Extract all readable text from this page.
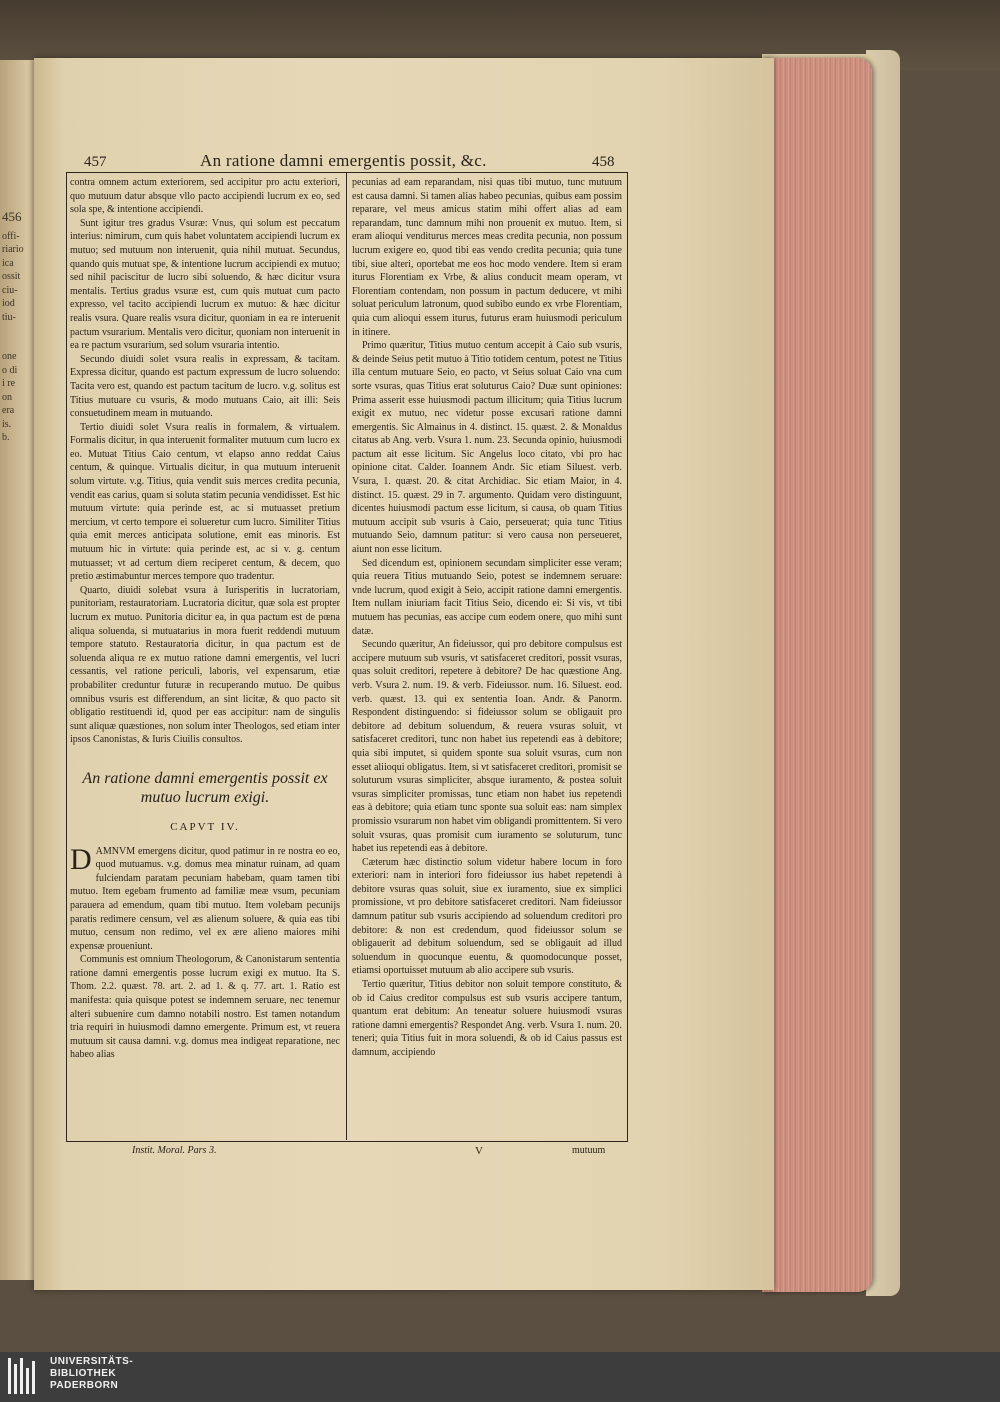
456
offi-
riario
ica
ossit
ciu-
iod
tiu-
one
o di
i re
on
era
is.
b.
457	An ratione damni emergentis possit, &c.	458

contra omnem actum exteriorem, sed accipitur pro actu exteriori, quo mutuum datur absque vllo pacto accipiendi lucrum ex eo, sed sola spe, & intentione accipiendi.

Sunt igitur tres gradus Vsuræ: Vnus, qui solum est peccatum interius: nimirum, cum quis habet voluntatem accipiendi lucrum ex mutuo; sed mutuum non interuenit, quia nihil mutuat. Secundus, quando quis mutuat spe, & intentione lucrum accipiendi ex mutuo; sed nihil paciscitur de lucro sibi soluendo, & hæc dicitur vsura mentalis. Tertius gradus vsuræ est, cum quis mutuat cum pacto expresso, vel tacito accipiendi lucrum ex mutuo: & hæc dicitur realis vsura. Quare realis vsura dicitur, quoniam in ea re interuenit pactum vsurarium. Mentalis vero dicitur, quoniam non interuenit in ea re pactum vsurarium, sed solum vsuraria intentio.

Secundo diuidi solet vsura realis in expressam, & tacitam. Expressa dicitur, quando est pactum expressum de lucro soluendo: Tacita vero est, quando est pactum tacitum de lucro. v.g. solitus est Titius mutuare cu vsuris, & modo mutuans Caio, ait illi: Seis consuetudinem meam in mutuando.

Tertio diuidi solet Vsura realis in formalem, & virtualem. Formalis dicitur, in qua interuenit formaliter mutuum cum lucro ex eo. Mutuat Titius Caio centum, vt elapso anno reddat Caius centum, & quinque. Virtualis dicitur, in qua mutuum interuenit solum virtute. v.g. Titius, quia vendit suis merces credita pecunia, vendit eas carius, quam si soluta statim pecunia vendidisset. Est hic mutuum virtute: quia perinde est, ac si mutuasset pretium mercium, vt certo tempore ei solueretur cum lucro. Similiter Titius quia emit merces anticipata solutione, emit eas minoris. Est mutuum hic in virtute: quia perinde est, ac si v. g. centum mutuasset; vt ad certum diem reciperet centum, & decem, quo pretio æstimabuntur merces tempore quo tradentur.

Quarto, diuidi solebat vsura à Iurisperitis in lucratoriam, punitoriam, restauratoriam. Lucratoria dicitur, quæ sola est propter lucrum ex mutuo. Punitoria dicitur ea, in qua pactum est de pœna aliqua soluenda, si mutuatarius in mora fuerit reddendi mutuum tempore statuto. Restauratoria dicitur, in qua pactum est de soluenda aliqua re ex mutuo ratione damni emergentis, vel lucri cessantis, vel ratione periculi, laboris, vel expensarum, etiæ probabiliter creduntur futuræ in recuperando mutuo. De quibus omnibus vsuris est differendum, an sint licitæ, & quo pacto sit obligatio restituendi id, quod per eas accipitur: nam de singulis sunt aliquæ quæstiones, non solum inter Theologos, sed etiam inter ipsos Canonistas, & Iuris Ciuilis consultos.

An ratione damni emergentis possit ex mutuo lucrum exigi.
CAPVT IV.

DAMNVM emergens dicitur, quod patimur in re nostra eo eo, quod mutuamus. v.g. domus mea minatur ruinam, ad quam fulciendam paratam pecuniam habebam, quam tamen tibi mutuo. Item egebam frumento ad familiæ meæ vsum, pecuniam parauera ad emendum, quam tibi mutuo. Item volebam pecunijs paratis redimere censum, vel æs alienum soluere, & quia eas tibi mutuo, censum non redimo, vel ex ære alieno maiores mihi expensæ proueniunt.

Communis est omnium Theologorum, & Canonistarum sententia ratione damni emergentis posse lucrum exigi ex mutuo. Ita S. Thom. 2.2. quæst. 78. art. 2. ad 1. & q. 77. art. 1. Ratio est manifesta: quia quisque potest se indemnem seruare, nec tenemur alteri subuenire cum damno notabili nostro. Est tamen notandum tria requiri in huiusmodi damno emergente. Primum est, vt reuera mutuum sit causa damni. v.g. domus mea indigeat reparatione, nec habeo alias

pecunias ad eam reparandam, nisi quas tibi mutuo, tunc mutuum est causa damni. Si tamen alias habeo pecunias, quibus eam possim reparare, vel meus amicus statim mihi offert alias ad eam reparandam, tunc damnum mihi non prouenit ex mutuo. Item, si eram alioqui venditurus merces meas credita pecunia, non possum lucrum exigere eo, quod tibi eas vendo credita pecunia; quia tune tibi, siue alteri, oportebat me eos hoc modo vendere. Item si eram iturus Florentiam ex Vrbe, & alius conducit meam operam, vt Florentiam contendam, non possum in pactum deducere, vt mihi soluat periculum latronum, quod subibo eundo ex vrbe Florentiam, quia cum alioqui essem iturus, futurus eram huiusmodi periculum in itinere.

Primo quæritur, Titius mutuo centum accepit à Caio sub vsuris, & deinde Seius petit mutuo à Titio totidem centum, potest ne Titius illa centum mutuare Seio, eo pacto, vt Seius soluat Caio vna cum sorte vsuras, quas Titius erat soluturus Caio? Duæ sunt opiniones: Prima asserit esse huiusmodi pactum illicitum; quia Titius lucrum exigit ex mutuo, nec videtur posse excusari ratione damni emergentis. Sic Almainus in 4. distinct. 15. quæst. 2. & Monaldus citatus ab Ang. verb. Vsura 1. num. 23. Secunda opinio, huiusmodi pactum ait esse licitum. Sic Angelus loco citato, vbi pro hac opinione citat. Calder. Ioannem Andr. Sic etiam Siluest. verb. Vsura, 1. quæst. 20. & citat Archidiac. Sic etiam Maior, in 4. distinct. 15. quæst. 29 in 7. argumento. Quidam vero distinguunt, dicentes huiusmodi pactum esse licitum, si causa, ob quam Titius mutuum accipit sub vsuris à Caio, perseuerat; quia tunc Titius mutuando Seio, damnum patitur: si vero causa non perseueret, aiunt non esse licitum.

Sed dicendum est, opinionem secundam simpliciter esse veram; quia reuera Titius mutuando Seio, potest se indemnem seruare: vnde lucrum, quod exigit à Seio, accipit ratione damni emergentis. Item nullam iniuriam facit Titius Seio, dicendo ei: Si vis, vt tibi mutuem has pecunias, eas accipe cum eodem onere, quo mihi sunt datæ.

Secundo quæritur, An fideiussor, qui pro debitore compulsus est accipere mutuum sub vsuris, vt satisfaceret creditori, possit vsuras, quas soluit creditori, repetere à debitore? De hac quæstione Ang. verb. Vsura 2. num. 19. & verb. Fideiussor. num. 16. Siluest. eod. verb. quæst. 13. qui ex sententia Ioan. Andr. & Panorm. Respondent distinguendo: si fideiussor solum se obligauit pro debitore ad debitum soluendum, & reuera vsuras soluit, vt satisfaceret creditori, tunc non habet ius repetendi eas à debitore; quia sibi imputet, si quidem sponte sua soluit vsuras, cum non esset aliioqui obligatus. Item, si vt satisfaceret creditori, promisit se soluturum vsuras simpliciter, absque iuramento, & postea soluit vsuras simpliciter promissas, tunc etiam non habet ius repetendi eas à debitore; quia etiam tunc sponte sua soluit eas: nam simplex promissio vsurarum non habet vim obligandi promittentem. Si vero soluit vsuras, quas promisit cum iuramento se soluturum, tunc habet ius repetendi eas à debitore.

Cæterum hæc distinctio solum videtur habere locum in foro exteriori: nam in interiori foro fideiussor ius habet repetendi à debitore vsuras quas soluit, siue ex iuramento, siue ex simplici promissione, vt pro debitore satisfaceret creditori. Nam fideiussor damnum patitur sub vsuris accipiendo ad soluendum creditori pro debitore: & non est credendum, quod fideiussor solum se obligauerit ad debitum soluendum, sed se obligauit ad illud soluendum in quocunque euentu, & quomodocunque posset, etiamsi oportuisset mutuum ab alio accipere sub vsuris.

Tertio quæritur, Titius debitor non soluit tempore constituto, & ob id Caius creditor compulsus est sub vsuris accipere tantum, quantum erat debitum: An teneatur soluere huiusmodi vsuras ratione damni emergentis? Respondet Ang. verb. Vsura 1. num. 20. teneri; quia Titius fuit in mora soluendi, & ob id Caius passus est damnum, accipiendo

Instit. Moral. Pars 3.	V	mutuum
UNIVERSITÄTS-
BIBLIOTHEK
PADERBORN
